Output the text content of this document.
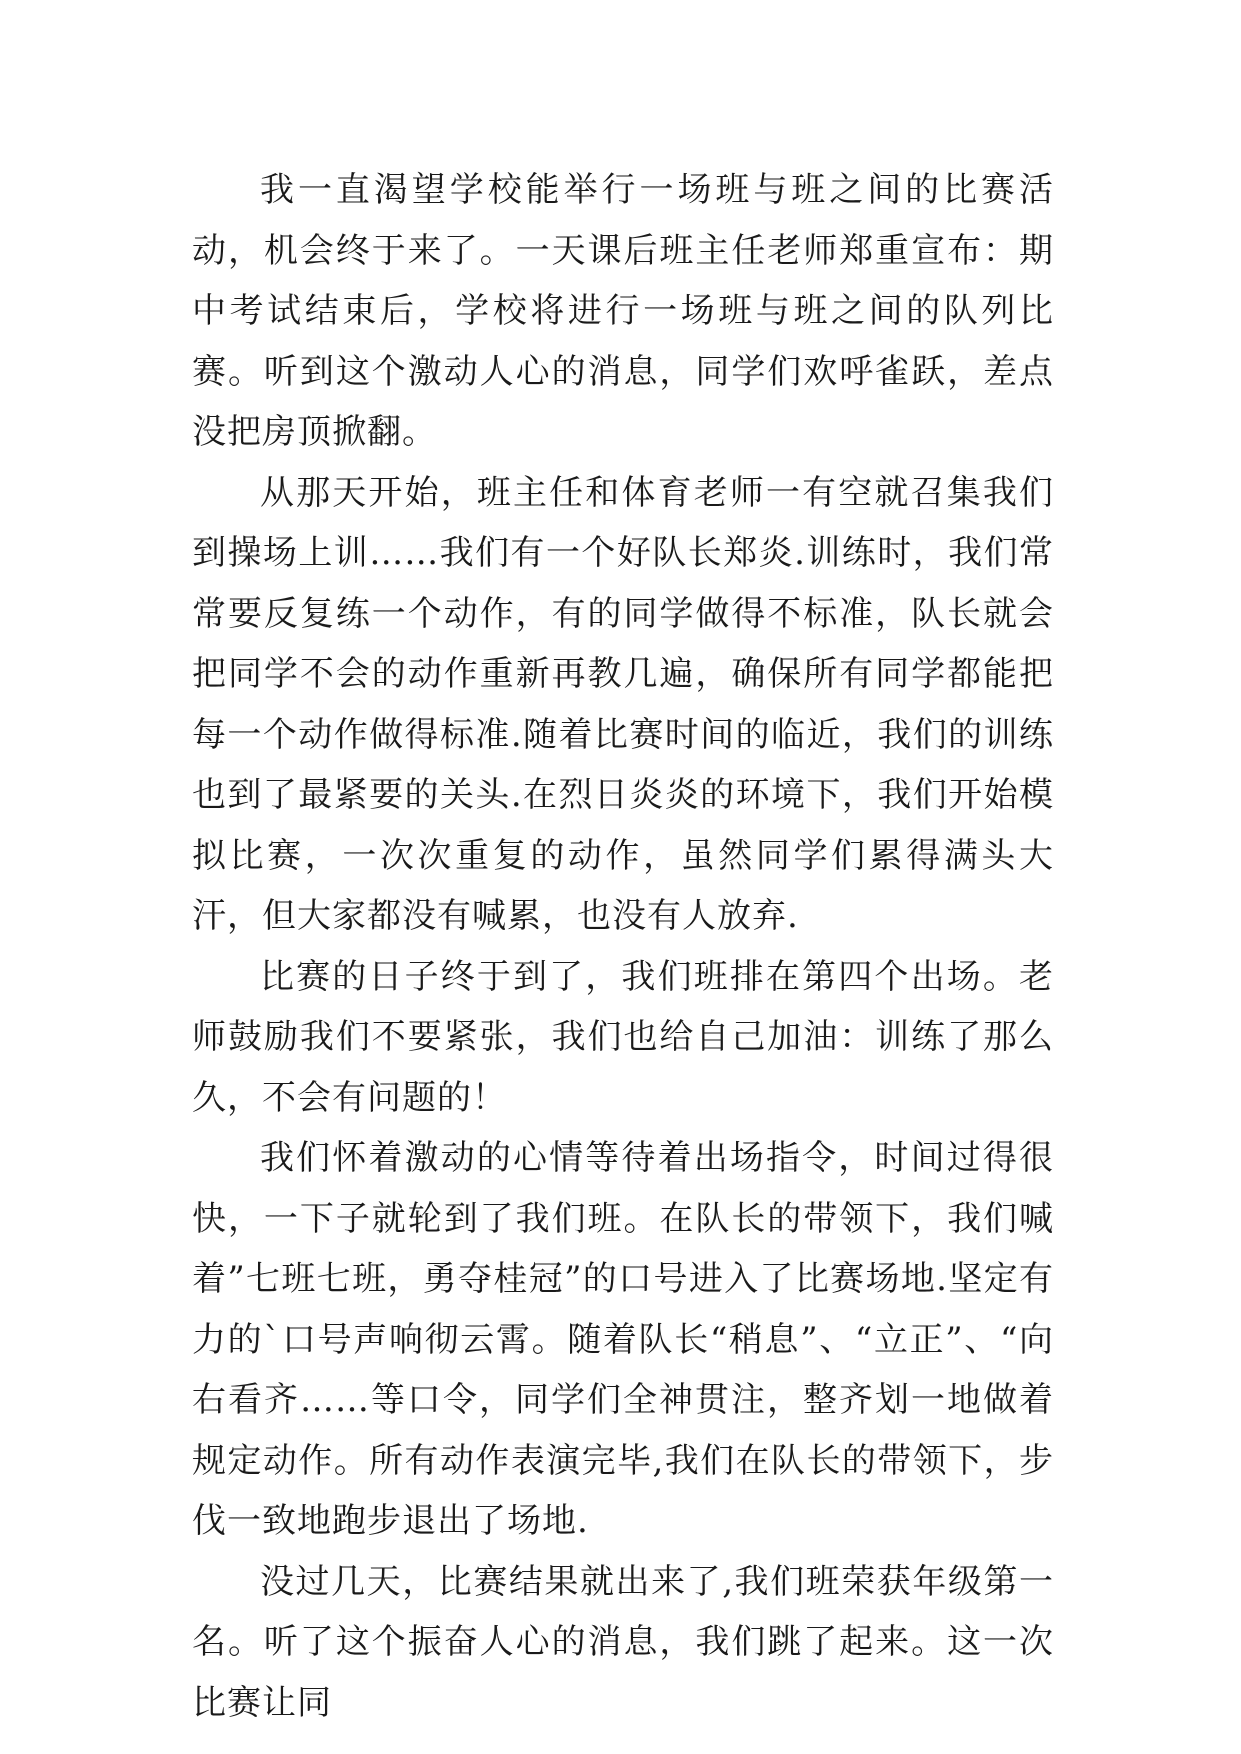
我一直渴望学校能举行一场班与班之间的比赛活动，机会终于来了。一天课后班主任老师郑重宣布：期中考试结束后，学校将进行一场班与班之间的队列比赛。听到这个激动人心的消息，同学们欢呼雀跃，差点没把房顶掀翻。

从那天开始，班主任和体育老师一有空就召集我们到操场上训……我们有一个好队长郑炎.训练时，我们常常要反复练一个动作，有的同学做得不标准，队长就会把同学不会的动作重新再教几遍，确保所有同学都能把每一个动作做得标准.随着比赛时间的临近，我们的训练也到了最紧要的关头.在烈日炎炎的环境下，我们开始模拟比赛，一次次重复的动作，虽然同学们累得满头大汗，但大家都没有喊累，也没有人放弃.

比赛的日子终于到了，我们班排在第四个出场。老师鼓励我们不要紧张，我们也给自己加油：训练了那么久，不会有问题的！

我们怀着激动的心情等待着出场指令，时间过得很快，一下子就轮到了我们班。在队长的带领下，我们喊着”七班七班，勇夺桂冠”的口号进入了比赛场地.坚定有力的`口号声响彻云霄。随着队长“稍息”、“立正”、“向右看齐……等口令，同学们全神贯注，整齐划一地做着规定动作。所有动作表演完毕,我们在队长的带领下，步伐一致地跑步退出了场地.

没过几天，比赛结果就出来了,我们班荣获年级第一名。听了这个振奋人心的消息，我们跳了起来。这一次比赛让同
